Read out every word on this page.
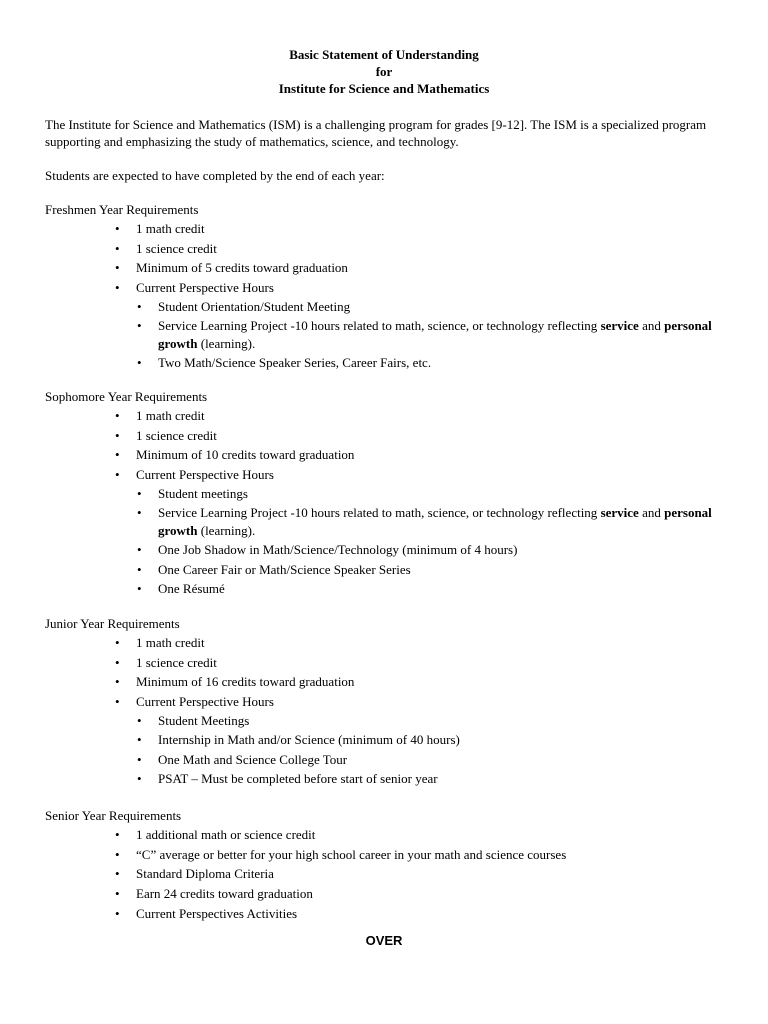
Basic Statement of Understanding
for
Institute for Science and Mathematics
The Institute for Science and Mathematics (ISM) is a challenging program for grades [9-12]. The ISM is a specialized program supporting and emphasizing the study of mathematics, science, and technology.
Students are expected to have completed by the end of each year:
Freshmen Year Requirements
• 1 math credit
• 1 science credit
• Minimum of 5 credits toward graduation
• Current Perspective Hours
• Student Orientation/Student Meeting
• Service Learning Project -10 hours related to math, science, or technology reflecting service and personal growth (learning).
• Two Math/Science Speaker Series, Career Fairs, etc.
Sophomore Year Requirements
• 1 math credit
• 1 science credit
• Minimum of 10 credits toward graduation
• Current Perspective Hours
• Student meetings
• Service Learning Project -10 hours related to math, science, or technology reflecting service and personal growth (learning).
• One Job Shadow in Math/Science/Technology (minimum of 4 hours)
• One Career Fair or Math/Science Speaker Series
• One Résumé
Junior Year Requirements
• 1 math credit
• 1 science credit
• Minimum of 16 credits toward graduation
• Current Perspective Hours
• Student Meetings
• Internship in Math and/or Science (minimum of 40 hours)
• One Math and Science College Tour
• PSAT – Must be completed before start of senior year
Senior Year Requirements
• 1 additional math or science credit
• “C” average or better for your high school career in your math and science courses
• Standard Diploma Criteria
• Earn 24 credits toward graduation
• Current Perspectives Activities
OVER
